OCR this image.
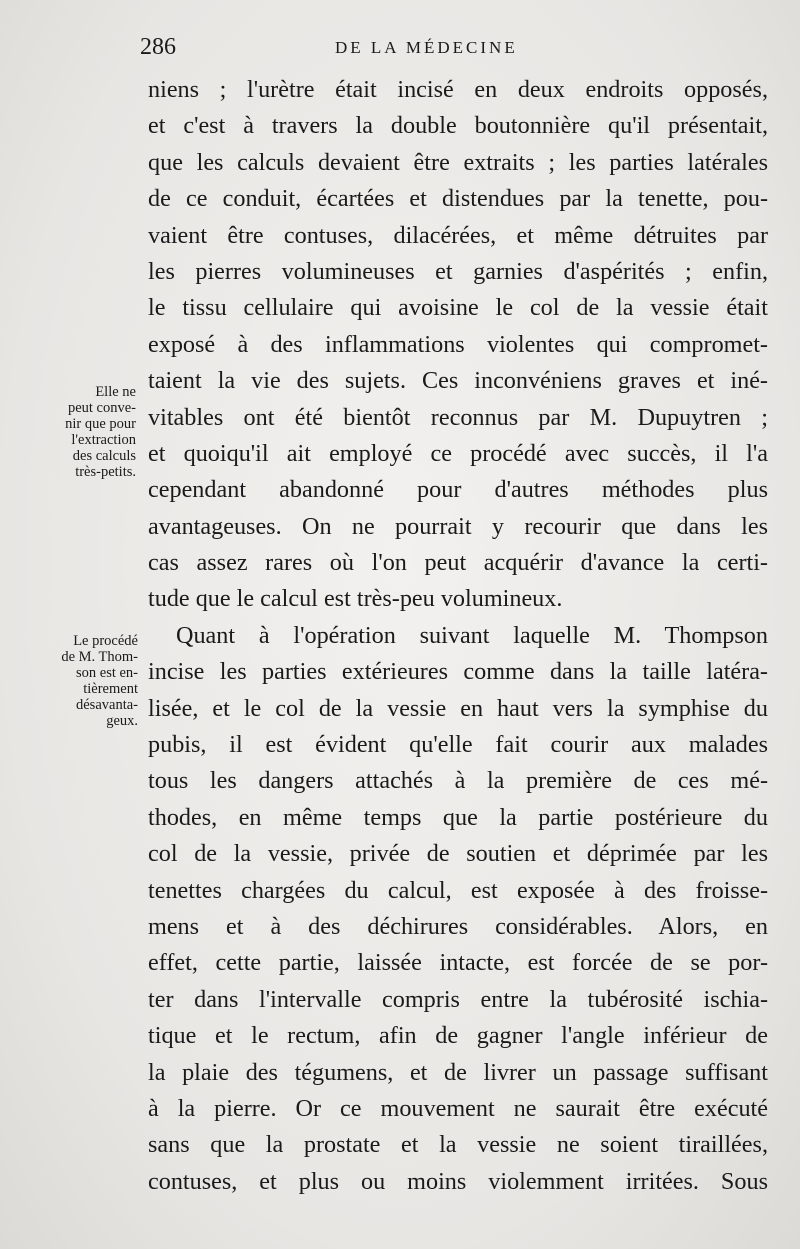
286	DE LA MÉDECINE
Elle ne
peut conve-
nir que pour
l'extraction
des calculs
très-petits.
Le procédé
de M. Thom-
son est en-
tièrement
désavanta-
geux.
niens ; l'urètre était incisé en deux endroits opposés,
et c'est à travers la double boutonnière qu'il présentait,
que les calculs devaient être extraits ; les parties latérales
de ce conduit, écartées et distendues par la tenette, pou-
vaient être contuses, dilacérées, et même détruites par
les pierres volumineuses et garnies d'aspérités ; enfin,
le tissu cellulaire qui avoisine le col de la vessie était
exposé à des inflammations violentes qui compromet-
taient la vie des sujets. Ces inconvéniens graves et iné-
vitables ont été bientôt reconnus par M. Dupuytren ;
et quoiqu'il ait employé ce procédé avec succès, il l'a
cependant abandonné pour d'autres méthodes plus
avantageuses. On ne pourrait y recourir que dans les
cas assez rares où l'on peut acquérir d'avance la certi-
tude que le calcul est très-peu volumineux.
Quant à l'opération suivant laquelle M. Thompson
incise les parties extérieures comme dans la taille latéra-
lisée, et le col de la vessie en haut vers la symphise du
pubis, il est évident qu'elle fait courir aux malades
tous les dangers attachés à la première de ces mé-
thodes, en même temps que la partie postérieure du
col de la vessie, privée de soutien et déprimée par les
tenettes chargées du calcul, est exposée à des froisse-
mens et à des déchirures considérables. Alors, en
effet, cette partie, laissée intacte, est forcée de se por-
ter dans l'intervalle compris entre la tubérosité ischia-
tique et le rectum, afin de gagner l'angle inférieur de
la plaie des tégumens, et de livrer un passage suffisant
à la pierre. Or ce mouvement ne saurait être exécuté
sans que la prostate et la vessie ne soient tiraillées,
contuses, et plus ou moins violemment irritées. Sous
